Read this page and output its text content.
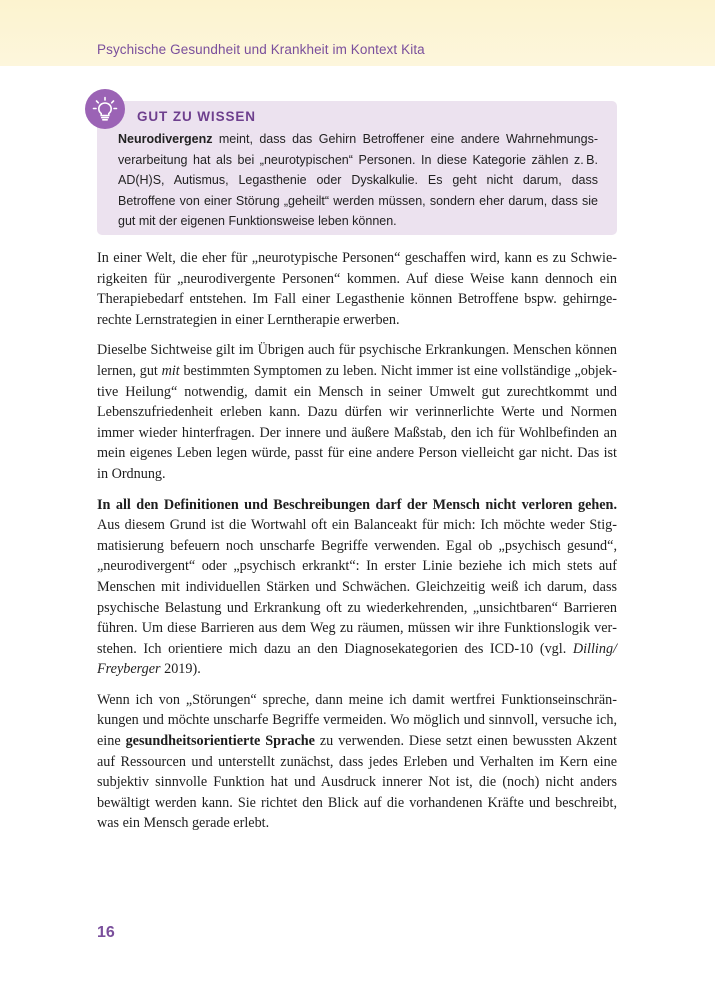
Psychische Gesundheit und Krankheit im Kontext Kita
GUT ZU WISSEN
Neurodivergenz meint, dass das Gehirn Betroffener eine andere Wahrnehmungsverarbeitung hat als bei „neurotypischen“ Personen. In diese Kategorie zählen z. B. AD(H)S, Autismus, Legasthenie oder Dyskalkulie. Es geht nicht darum, dass Betroffene von einer Störung „geheilt“ werden müssen, sondern eher darum, dass sie gut mit der eigenen Funktionsweise leben können.

In einer Welt, die eher für „neurotypische Personen“ geschaffen wird, kann es zu Schwierigkeiten für „neurodivergente Personen“ kommen. Auf diese Weise kann dennoch ein Therapiebedarf entstehen. Im Fall einer Legasthenie können Betroffene bspw. gehirngerechte Lernstrategien in einer Lerntherapie erwerben.

Dieselbe Sichtweise gilt im Übrigen auch für psychische Erkrankungen. Menschen können lernen, gut mit bestimmten Symptomen zu leben. Nicht immer ist eine vollständige „objektive Heilung“ notwendig, damit ein Mensch in seiner Umwelt gut zurechtkommt und Lebenszufriedenheit erleben kann. Dazu dürfen wir verinnerlichte Werte und Normen immer wieder hinterfragen. Der innere und äußere Maßstab, den ich für Wohlbefinden an mein eigenes Leben legen würde, passt für eine andere Person vielleicht gar nicht. Das ist in Ordnung.

In all den Definitionen und Beschreibungen darf der Mensch nicht verloren gehen. Aus diesem Grund ist die Wortwahl oft ein Balanceakt für mich: Ich möchte weder Stigmatisierung befeuern noch unscharfe Begriffe verwenden. Egal ob „psychisch gesund“, „neurodivergent“ oder „psychisch erkrankt“: In erster Linie beziehe ich mich stets auf Menschen mit individuellen Stärken und Schwächen. Gleichzeitig weiß ich darum, dass psychische Belastung und Erkrankung oft zu wiederkehrenden, „unsichtbaren“ Barrieren führen. Um diese Barrieren aus dem Weg zu räumen, müssen wir ihre Funktionslogik verstehen. Ich orientiere mich dazu an den Diagnosekategorien des ICD-10 (vgl. Dilling/ Freyberger 2019).

Wenn ich von „Störungen“ spreche, dann meine ich damit wertfrei Funktionseinschränkungen und möchte unscharfe Begriffe vermeiden. Wo möglich und sinnvoll, versuche ich, eine gesundheitsorientierte Sprache zu verwenden. Diese setzt einen bewussten Akzent auf Ressourcen und unterstellt zunächst, dass jedes Erleben und Verhalten im Kern eine subjektiv sinnvolle Funktion hat und Ausdruck innerer Not ist, die (noch) nicht anders bewältigt werden kann. Sie richtet den Blick auf die vorhandenen Kräfte und beschreibt, was ein Mensch gerade erlebt.

16
